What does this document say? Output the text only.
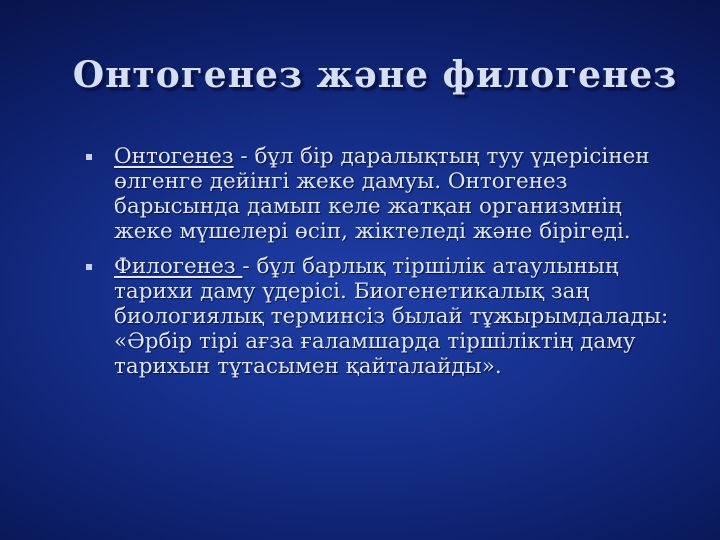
Онтогенез және филогенез
Онтогенез - бұл бір даралықтың туу үдерісінен өлгенге дейінгі жеке дамуы. Онтогенез барысында дамып келе жатқан организмнің жеке мүшелері өсіп, жіктеледі және бірігеді.
Филогенез - бұл барлық тіршілік атаулының тарихи даму үдерісі. Биогенетикалық заң биологиялық терминсіз былай тұжырымдалады: «Әрбір тірі ағза ғаламшарда тіршіліктің даму тарихын тұтасымен қайталайды».
